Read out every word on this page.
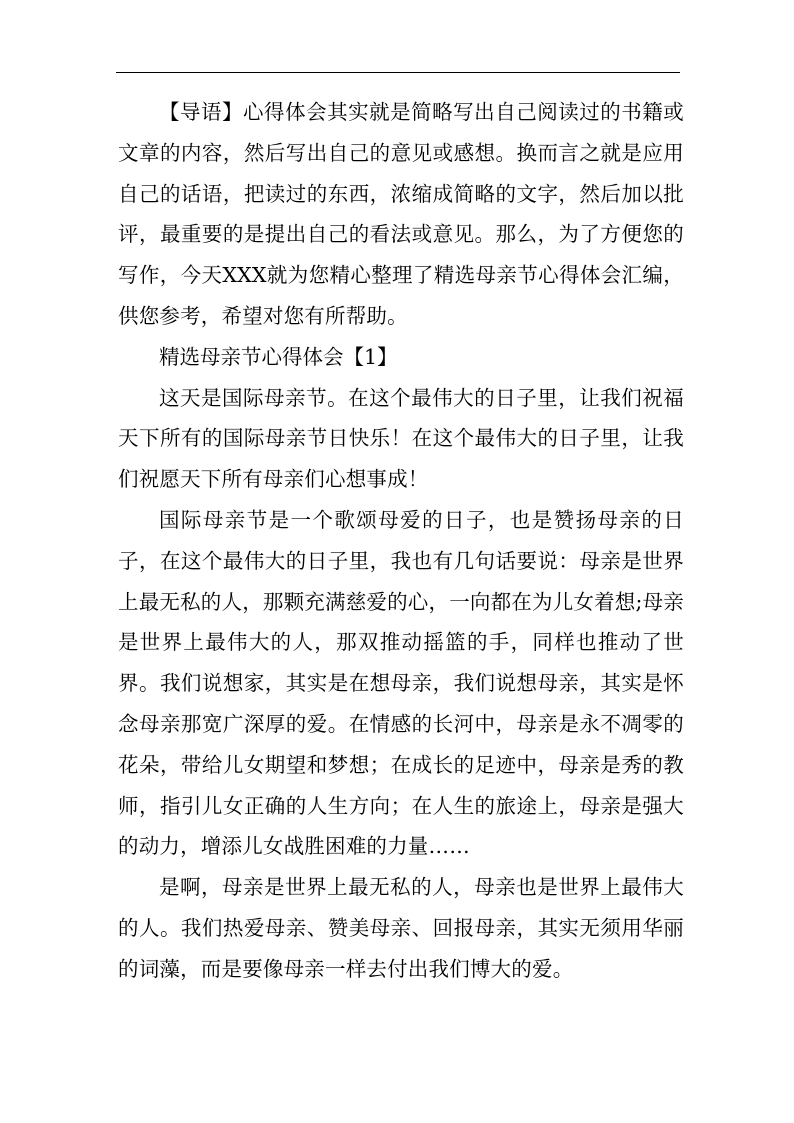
【导语】心得体会其实就是简略写出自己阅读过的书籍或文章的内容，然后写出自己的意见或感想。换而言之就是应用自己的话语，把读过的东西，浓缩成简略的文字，然后加以批评，最重要的是提出自己的看法或意见。那么，为了方便您的写作，今天XXX就为您精心整理了精选母亲节心得体会汇编，供您参考，希望对您有所帮助。

精选母亲节心得体会【1】

这天是国际母亲节。在这个最伟大的日子里，让我们祝福天下所有的国际母亲节日快乐！在这个最伟大的日子里，让我们祝愿天下所有母亲们心想事成！

国际母亲节是一个歌颂母爱的日子，也是赞扬母亲的日子，在这个最伟大的日子里，我也有几句话要说：母亲是世界上最无私的人，那颗充满慈爱的心，一向都在为儿女着想;母亲是世界上最伟大的人，那双推动摇篮的手，同样也推动了世界。我们说想家，其实是在想母亲，我们说想母亲，其实是怀念母亲那宽广深厚的爱。在情感的长河中，母亲是永不凋零的花朵，带给儿女期望和梦想；在成长的足迹中，母亲是秀的教师，指引儿女正确的人生方向；在人生的旅途上，母亲是强大的动力，增添儿女战胜困难的力量……

是啊，母亲是世界上最无私的人，母亲也是世界上最伟大的人。我们热爱母亲、赞美母亲、回报母亲，其实无须用华丽的词藻，而是要像母亲一样去付出我们博大的爱。
